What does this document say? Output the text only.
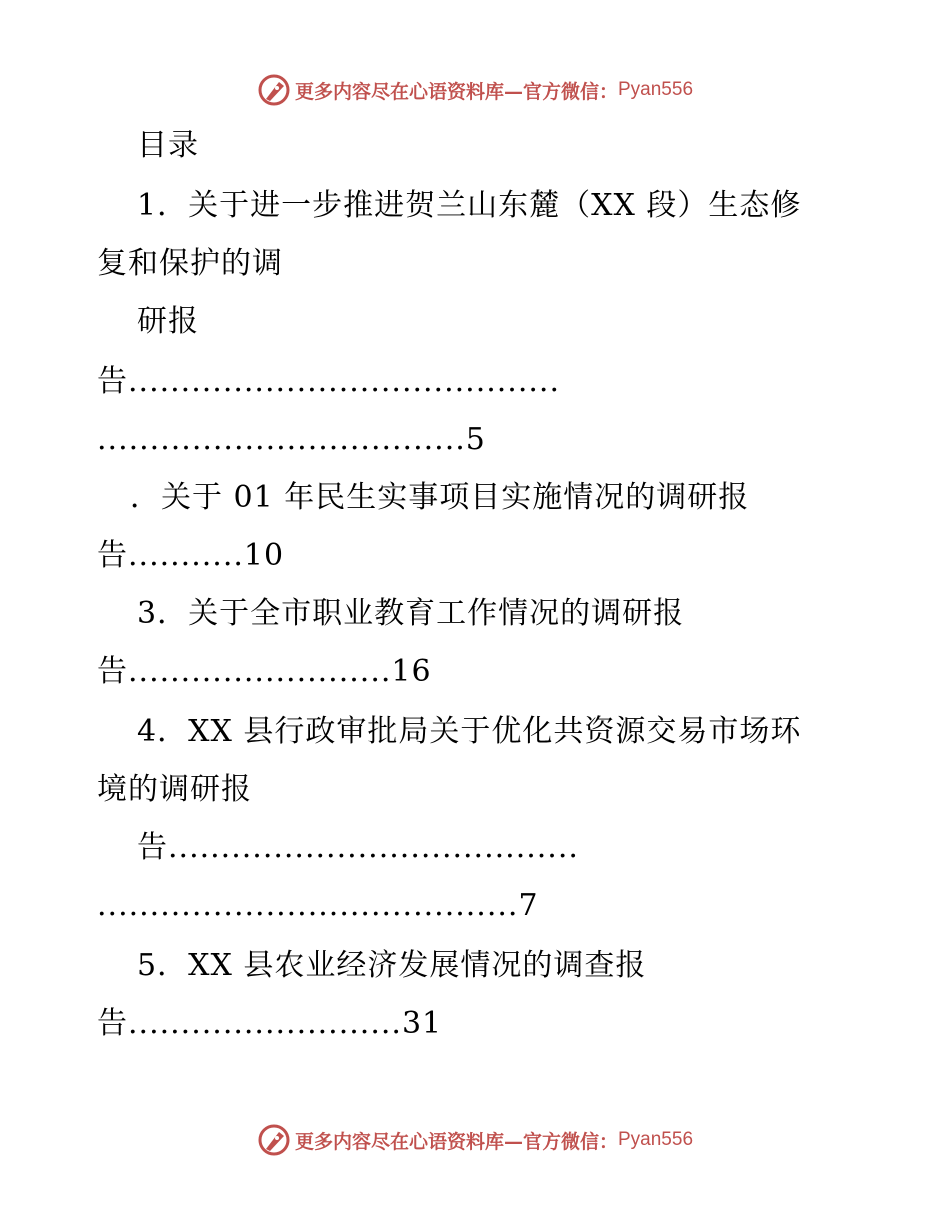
更多内容尽在心语资料库—官方微信： Pyan556
目录
1．关于进一步推进贺兰山东麓（XX 段）生态修
复和保护的调
研报
告.........................................
...................................5
．关于 01 年民生实事项目实施情况的调研报
告...........10
3．关于全市职业教育工作情况的调研报
告.........................16
4．XX 县行政审批局关于优化共资源交易市场环
境的调研报
告.......................................
........................................7
5．XX 县农业经济发展情况的调查报
告..........................31
更多内容尽在心语资料库—官方微信： Pyan556
